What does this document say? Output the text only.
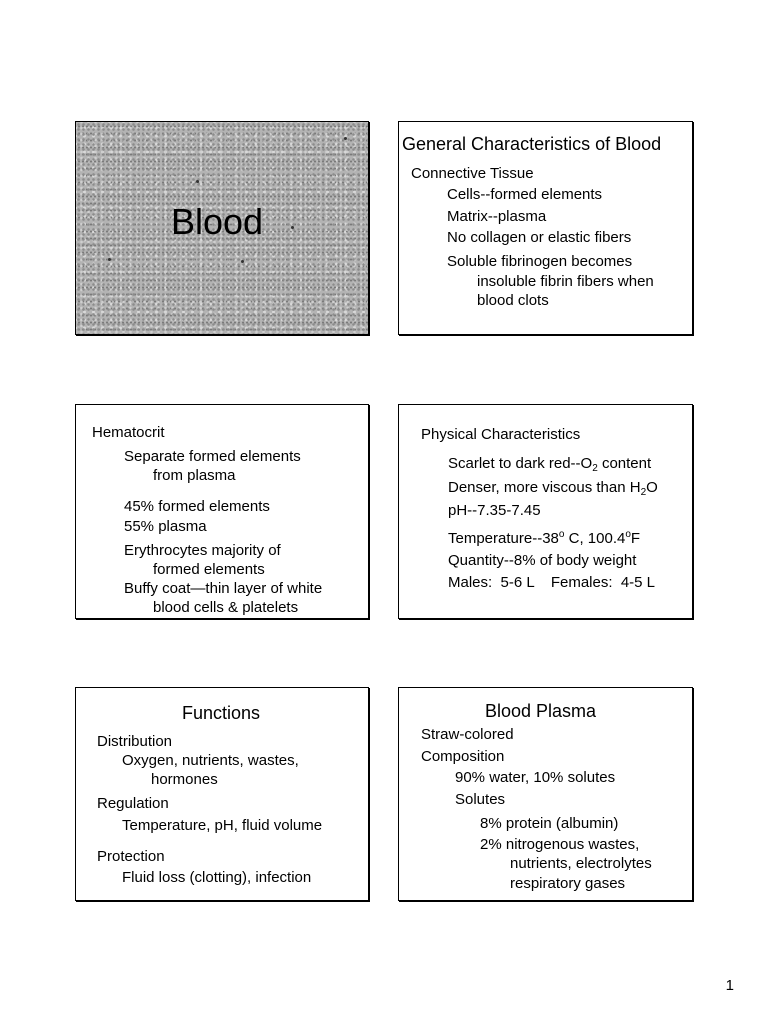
Blood
General Characteristics of Blood
Connective Tissue
Cells--formed elements
Matrix--plasma
No collagen or elastic fibers
Soluble fibrinogen becomes
insoluble fibrin fibers when
blood clots
Hematocrit
Separate formed elements
from plasma
45% formed elements
55% plasma
Erythrocytes majority of
formed elements
Buffy coat—thin layer of white
blood cells & platelets
Physical Characteristics
Scarlet to dark red-$-O_2$ content
Denser, more viscous than $H_2O$
pH--7.35-7.45
Temperature--38$^o$ C, 100.4$^o$F
Quantity--8% of body weight
Males:  5-6 L    Females:  4-5 L
Functions
Distribution
Oxygen, nutrients, wastes,
hormones
Regulation
Temperature, pH, fluid volume
Protection
Fluid loss (clotting), infection
Blood Plasma
Straw-colored
Composition
90% water, 10% solutes
Solutes
8% protein (albumin)
2% nitrogenous wastes,
nutrients, electrolytes
respiratory gases
1
